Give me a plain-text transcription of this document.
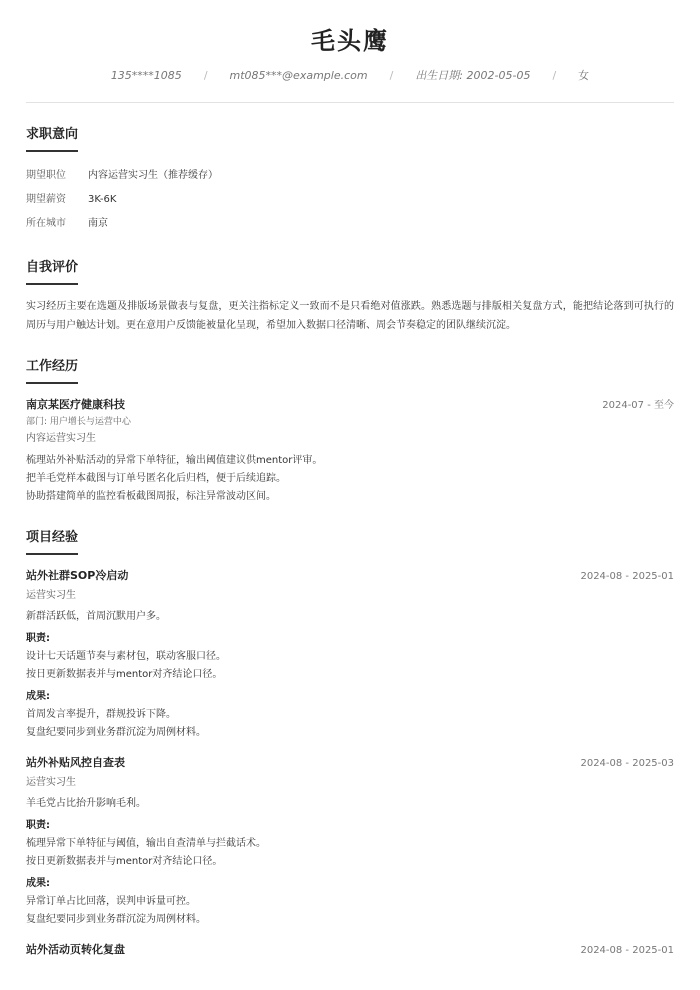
毛头鹰
135****1085 / mt085***@example.com / 出生日期: 2002-05-05 / 女
求职意向
期望职位	内容运营实习生（推荐缓存）
期望薪资	3K-6K
所在城市	南京
自我评价
实习经历主要在选题及排版场景做表与复盘，更关注指标定义一致而不是只看绝对值涨跌。熟悉选题与排版相关复盘方式，能把结论落到可执行的周历与用户触达计划。更在意用户反馈能被量化呈现，希望加入数据口径清晰、周会节奏稳定的团队继续沉淀。
工作经历
南京某医疗健康科技	2024-07 - 至今
部门: 用户增长与运营中心
内容运营实习生
梳理站外补贴活动的异常下单特征，输出阈值建议供mentor评审。
把羊毛党样本截图与订单号匿名化后归档，便于后续追踪。
协助搭建简单的监控看板截图周报，标注异常波动区间。
项目经验
站外社群SOP冷启动	2024-08 - 2025-01
运营实习生
新群活跃低，首周沉默用户多。
职责:
设计七天话题节奏与素材包，联动客服口径。
按日更新数据表并与mentor对齐结论口径。
成果:
首周发言率提升，群规投诉下降。
复盘纪要同步到业务群沉淀为周例材料。
站外补贴风控自查表	2024-08 - 2025-03
运营实习生
羊毛党占比抬升影响毛利。
职责:
梳理异常下单特征与阈值，输出自查清单与拦截话术。
按日更新数据表并与mentor对齐结论口径。
成果:
异常订单占比回落，误判申诉量可控。
复盘纪要同步到业务群沉淀为周例材料。
站外活动页转化复盘	2024-08 - 2025-01
